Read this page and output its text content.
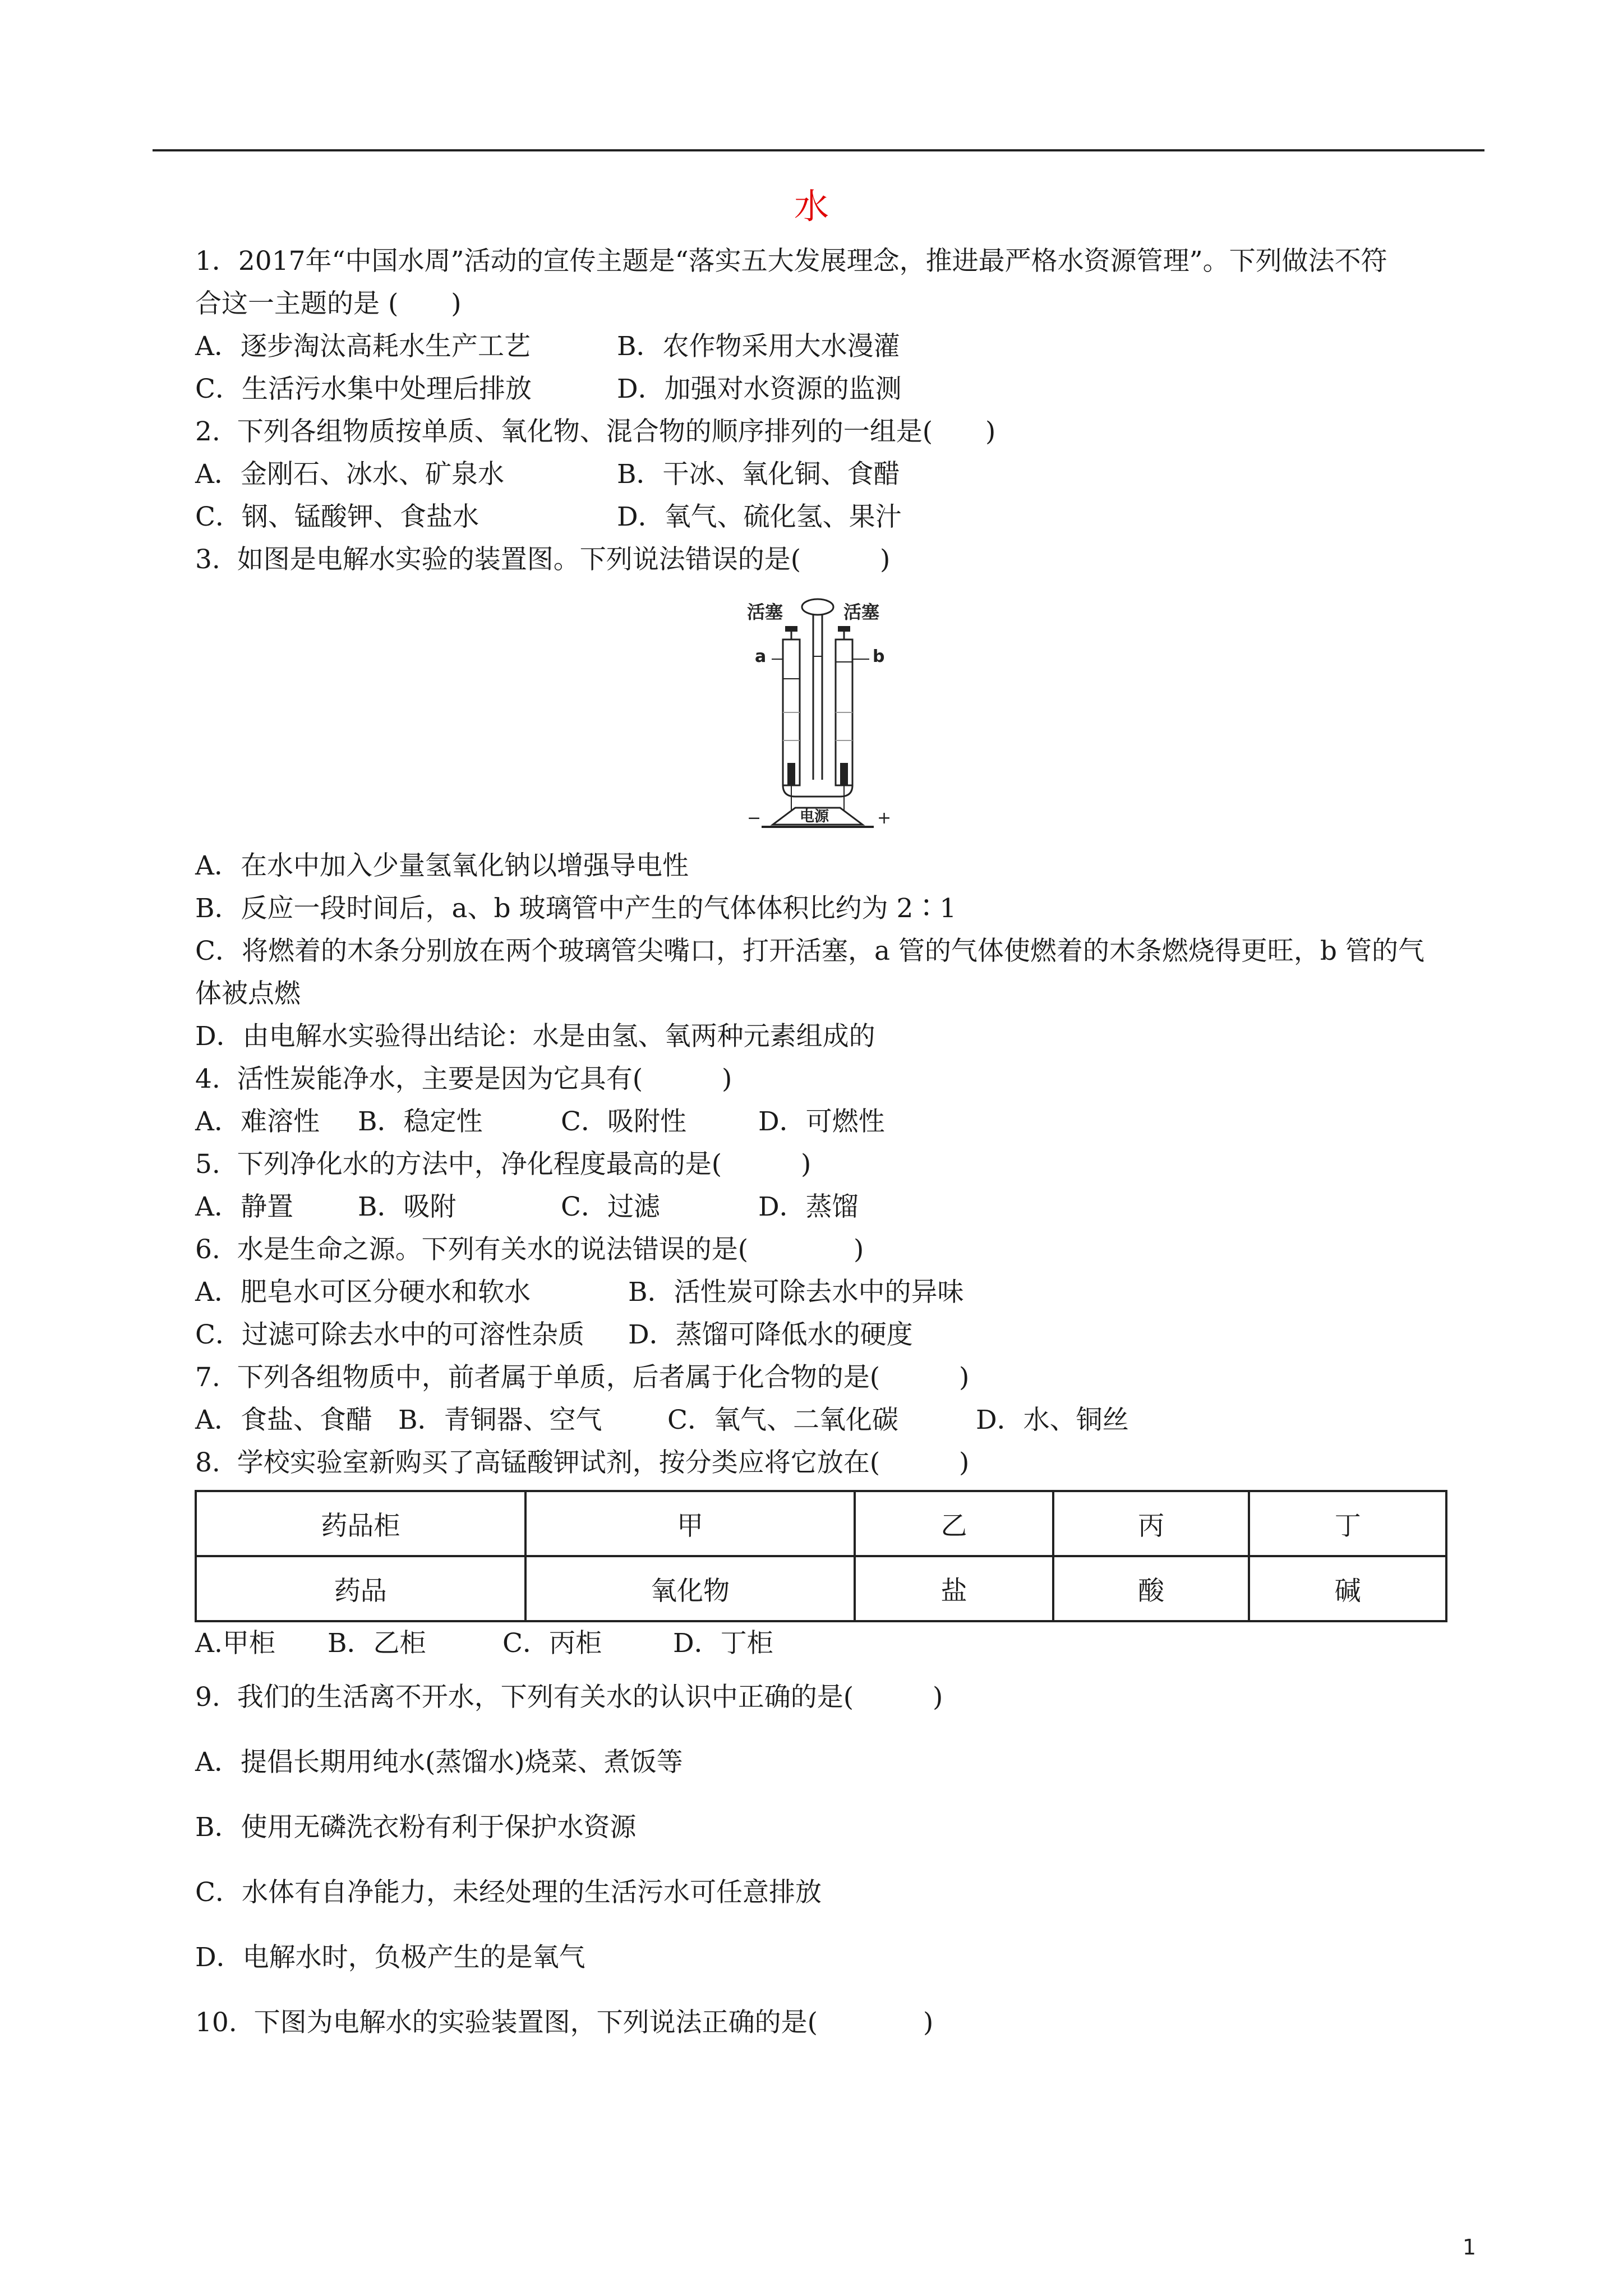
水
1．2017年“中国水周”活动的宣传主题是“落实五大发展理念，推进最严格水资源管理”。下列做法不符
合这一主题的是 (　　)
A．逐步淘汰高耗水生产工艺	B．农作物采用大水漫灌
C．生活污水集中处理后排放	D．加强对水资源的监测
2.  下列各组物质按单质、氧化物、混合物的顺序排列的一组是(　　)
A．金刚石、冰水、矿泉水	B．干冰、氧化铜、食醋
C．钢、锰酸钾、食盐水	D．氧气、硫化氢、果汁
3.  如图是电解水实验的装置图。下列说法错误的是(　　　)
活塞	活塞
a	b
−	电源	+
A．在水中加入少量氢氧化钠以增强导电性
B．反应一段时间后，a、b 玻璃管中产生的气体体积比约为 2∶1
C．将燃着的木条分别放在两个玻璃管尖嘴口，打开活塞，a 管的气体使燃着的木条燃烧得更旺，b 管的气
体被点燃
D．由电解水实验得出结论：水是由氢、氧两种元素组成的
4.  活性炭能净水，主要是因为它具有(　　　)
A．难溶性 B．稳定性	C．吸附性	D．可燃性
5.  下列净化水的方法中，净化程度最高的是(　　　)
A．静置 B．吸附	C．过滤	D．蒸馏
6.  水是生命之源。下列有关水的说法错误的是(　　　　)
A．肥皂水可区分硬水和软水	B．活性炭可除去水中的异味
C．过滤可除去水中的可溶性杂质 D．蒸馏可降低水的硬度
7.  下列各组物质中，前者属于单质，后者属于化合物的是(　　　)
A．食盐、食醋 B．青铜器、空气 C．氧气、二氧化碳	D．水、铜丝
8.  学校实验室新购买了高锰酸钾试剂，按分类应将它放在(　　　)
药品柜	甲	乙	丙	丁
药品	氧化物	盐	酸	碱
A.甲柜 B．乙柜	C．丙柜	D．丁柜
9.  我们的生活离不开水，下列有关水的认识中正确的是(　　　)
A．提倡长期用纯水(蒸馏水)烧菜、煮饭等
B．使用无磷洗衣粉有利于保护水资源
C．水体有自净能力，未经处理的生活污水可任意排放
D．电解水时，负极产生的是氧气
10.  下图为电解水的实验装置图，下列说法正确的是(　　　　)
1
